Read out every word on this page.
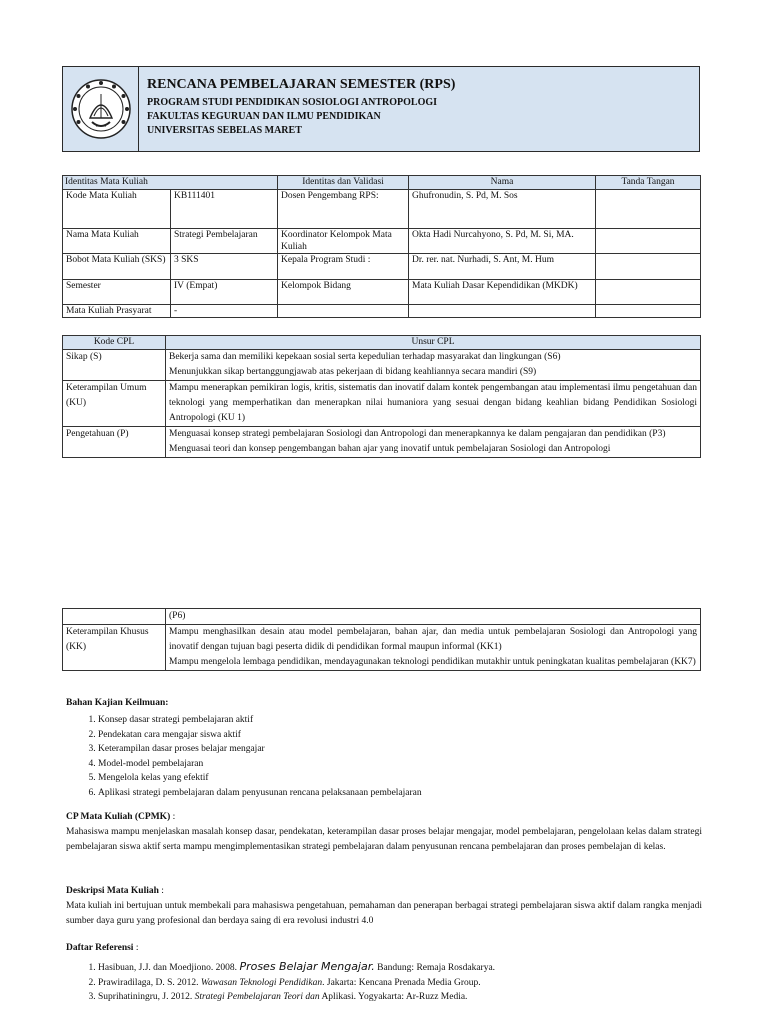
RENCANA PEMBELAJARAN SEMESTER (RPS)
PROGRAM STUDI PENDIDIKAN SOSIOLOGI ANTROPOLOGI
FAKULTAS KEGURUAN DAN ILMU PENDIDIKAN
UNIVERSITAS SEBELAS MARET
Identitas Mata Kuliah		Identitas dan Validasi	Nama	Tanda Tangan
Kode Mata Kuliah	KB111401	Dosen Pengembang RPS:	Ghufronudin, S. Pd, M. Sos	
Nama Mata Kuliah	Strategi Pembelajaran	Koordinator Kelompok Mata Kuliah	Okta Hadi Nurcahyono, S. Pd, M. Si, MA.	
Bobot Mata Kuliah (SKS)	3 SKS	Kepala Program Studi :	Dr. rer. nat. Nurhadi, S. Ant, M. Hum	
Semester	IV (Empat)	Kelompok Bidang	Mata Kuliah Dasar Kependidikan (MKDK)	
Mata Kuliah Prasyarat	-			
Kode CPL	Unsur CPL
Sikap (S)	Bekerja sama dan memiliki kepekaan sosial serta kepedulian terhadap masyarakat dan lingkungan (S6)
Menunjukkan sikap bertanggungjawab atas pekerjaan di bidang keahliannya secara mandiri (S9)

Keterampilan Umum (KU)	Mampu menerapkan pemikiran logis, kritis, sistematis dan inovatif dalam kontek pengembangan atau implementasi ilmu pengetahuan dan teknologi yang memperhatikan dan menerapkan nilai humaniora yang sesuai dengan bidang keahlian bidang Pendidikan Sosiologi Antropologi (KU 1)

Pengetahuan (P)	Menguasai konsep strategi pembelajaran Sosiologi dan Antropologi dan menerapkannya ke dalam pengajaran dan pendidikan (P3)
Menguasai teori dan konsep pengembangan bahan ajar yang inovatif untuk pembelajaran Sosiologi dan Antropologi
	(P6)
Keterampilan Khusus (KK)	Mampu menghasilkan desain atau model pembelajaran, bahan ajar, dan media untuk pembelajaran Sosiologi dan Antropologi yang inovatif dengan tujuan bagi peserta didik di pendidikan formal maupun informal (KK1)
Mampu mengelola lembaga pendidikan, mendayagunakan teknologi pendidikan mutakhir untuk peningkatan kualitas pembelajaran (KK7)
Bahan Kajian Keilmuan:
1. Konsep dasar strategi pembelajaran aktif
2. Pendekatan cara mengajar siswa aktif
3. Keterampilan dasar proses belajar mengajar
4. Model-model pembelajaran
5. Mengelola kelas yang efektif
6. Aplikasi strategi pembelajaran dalam penyusunan rencana pelaksanaan pembelajaran
CP Mata Kuliah (CPMK) :

Mahasiswa mampu menjelaskan masalah konsep dasar, pendekatan, keterampilan dasar proses belajar mengajar, model pembelajaran, pengelolaan kelas dalam strategi pembelajaran siswa aktif serta mampu mengimplementasikan strategi pembelajaran dalam penyusunan rencana pembelajaran dan proses pembelajan di kelas.

Deskripsi Mata Kuliah :

Mata kuliah ini bertujuan untuk membekali para mahasiswa pengetahuan, pemahaman dan penerapan berbagai strategi pembelajaran siswa aktif dalam rangka menjadi sumber daya guru yang profesional dan berdaya saing di era revolusi industri 4.0

Daftar Referensi :
1. Hasibuan, J.J. dan Moedjiono. 2008. Proses Belajar Mengajar. Bandung: Remaja Rosdakarya.
2. Prawiradilaga, D. S. 2012. Wawasan Teknologi Pendidikan. Jakarta: Kencana Prenada Media Group.
3. Suprihatiningru, J. 2012. Strategi Pembelajaran Teori dan Aplikasi. Yogyakarta: Ar-Ruzz Media.
